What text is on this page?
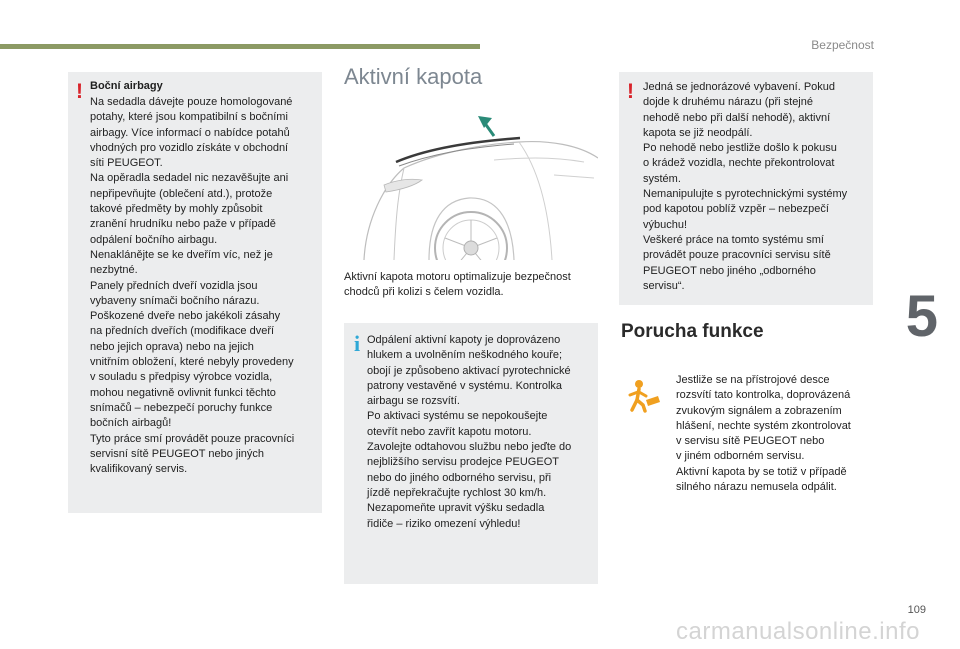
Bezpečnost
5
! Boční airbagy
Na sedadla dávejte pouze homologované
potahy, které jsou kompatibilní s bočními
airbagy. Více informací o nabídce potahů
vhodných pro vozidlo získáte v obchodní
síti PEUGEOT.
Na opěradla sedadel nic nezavěšujte ani
nepřipevňujte (oblečení atd.), protože
takové předměty by mohly způsobit
zranění hrudníku nebo paže v případě
odpálení bočního airbagu.
Nenaklánějte se ke dveřím víc, než je
nezbytné.
Panely předních dveří vozidla jsou
vybaveny snímači bočního nárazu.
Poškozené dveře nebo jakékoli zásahy
na předních dveřích (modifikace dveří
nebo jejich oprava) nebo na jejich
vnitřním obložení, které nebyly provedeny
v souladu s předpisy výrobce vozidla,
mohou negativně ovlivnit funkci těchto
snímačů – nebezpečí poruchy funkce
bočních airbagů!
Tyto práce smí provádět pouze pracovníci
servisní sítě PEUGEOT nebo jiných
kvalifikovaný servis.
Aktivní kapota
Aktivní kapota motoru optimalizuje bezpečnost
chodců při kolizi s čelem vozidla.
i Odpálení aktivní kapoty je doprovázeno
hlukem a uvolněním neškodného kouře;
obojí je způsobeno aktivací pyrotechnické
patrony vestavěné v systému. Kontrolka
airbagu se rozsvítí.
Po aktivaci systému se nepokoušejte
otevřít nebo zavřít kapotu motoru.
Zavolejte odtahovou službu nebo jeďte do
nejbližšího servisu prodejce PEUGEOT
nebo do jiného odborného servisu, při
jízdě nepřekračujte rychlost 30 km/h.
Nezapomeňte upravit výšku sedadla
řidiče – riziko omezení výhledu!
! Jedná se jednorázové vybavení. Pokud
dojde k druhému nárazu (při stejné
nehodě nebo při další nehodě), aktivní
kapota se již neodpálí.
Po nehodě nebo jestliže došlo k pokusu
o krádež vozidla, nechte překontrolovat
systém.
Nemanipulujte s pyrotechnickými systémy
pod kapotou poblíž vzpěr – nebezpečí
výbuchu!
Veškeré práce na tomto systému smí
provádět pouze pracovníci servisu sítě
PEUGEOT nebo jiného „odborného
servisu“.
Porucha funkce
Jestliže se na přístrojové desce
rozsvítí tato kontrolka, doprovázená
zvukovým signálem a zobrazením
hlášení, nechte systém zkontrolovat
v servisu sítě PEUGEOT nebo
v jiném odborném servisu.
Aktivní kapota by se totiž v případě
silného nárazu nemusela odpálit.
109
carmanualsonline.info
